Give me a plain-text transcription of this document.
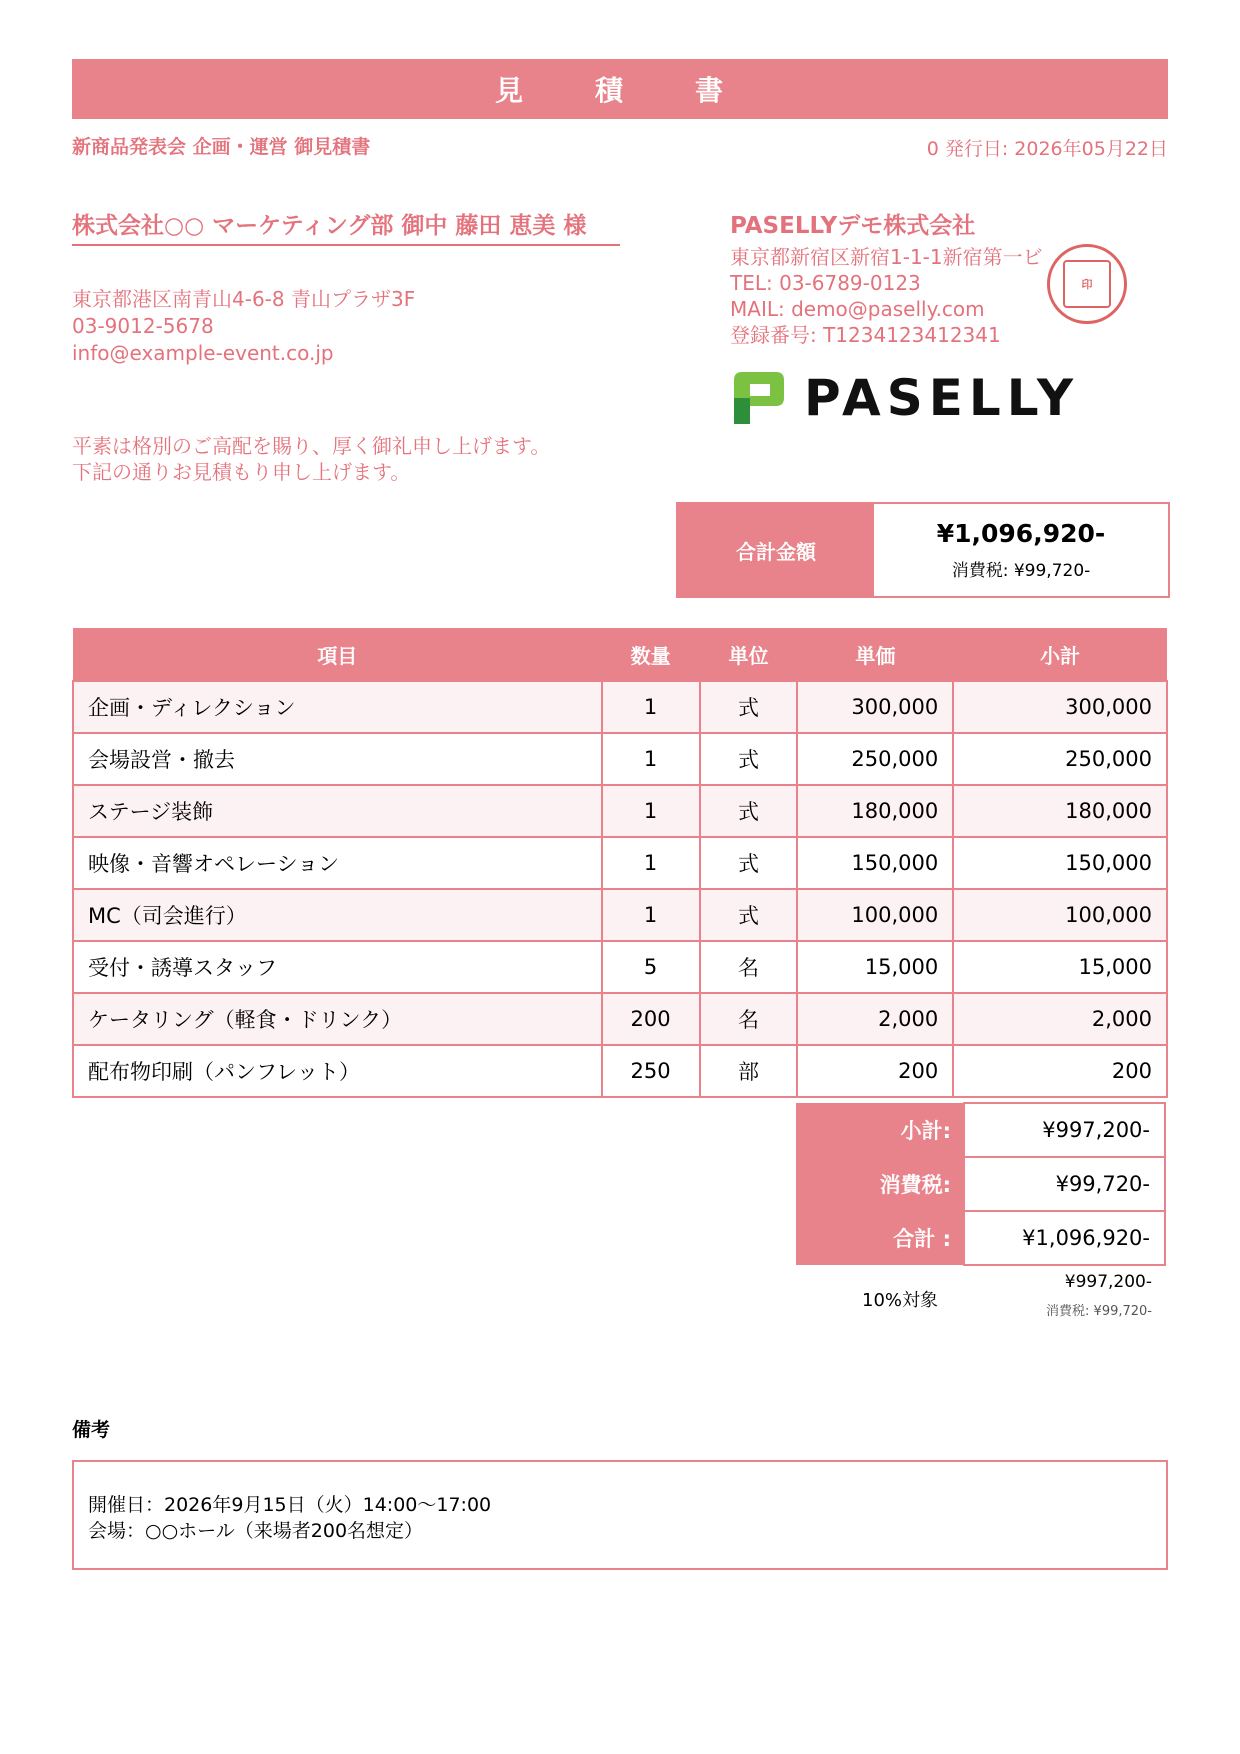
見　積　書
新商品発表会 企画・運営 御見積書	0 発行日: 2026年05月22日
株式会社○○ マーケティング部 御中 藤田 恵美 様
東京都港区南青山4-6-8 青山プラザ3F
03-9012-5678
info@example-event.co.jp
平素は格別のご高配を賜り、厚く御礼申し上げます。
下記の通りお見積もり申し上げます。
PASELLYデモ株式会社
東京都新宿区新宿1-1-1新宿第一ビ
TEL: 03-6789-0123
MAIL: demo@paselly.com
登録番号: T1234123412341
印
PASELLY
合計金額
¥1,096,920-
消費税: ¥99,720-
項目	数量	単位	単価	小計
企画・ディレクション	1	式	300,000	300,000
会場設営・撤去	1	式	250,000	250,000
ステージ装飾	1	式	180,000	180,000
映像・音響オペレーション	1	式	150,000	150,000
MC（司会進行）	1	式	100,000	100,000
受付・誘導スタッフ	5	名	15,000	15,000
ケータリング（軽食・ドリンク）	200	名	2,000	2,000
配布物印刷（パンフレット）	250	部	200	200
小計:	¥997,200-
消費税:	¥99,720-
合計 :	¥1,096,920-
10%対象
¥997,200-
消費税: ¥99,720-
備考
開催日：2026年9月15日（火）14:00〜17:00
会場：○○ホール（来場者200名想定）
